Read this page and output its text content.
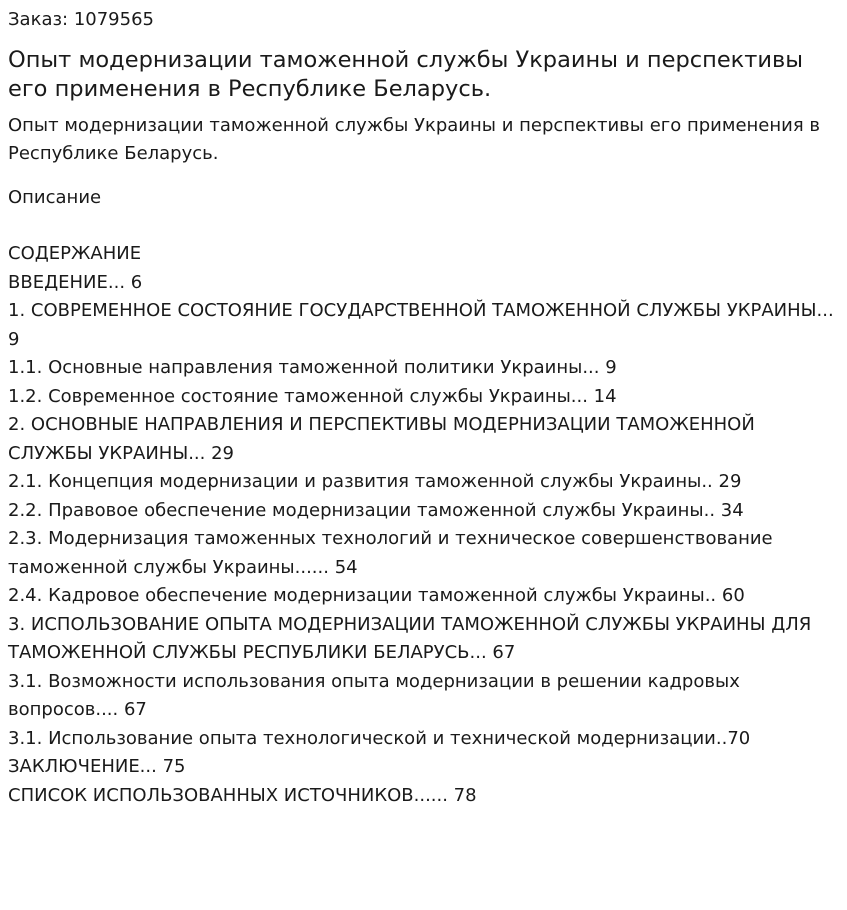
Заказ: 1079565

Опыт модернизации таможенной службы Украины и перспективы его применения в Республике Беларусь.

Опыт модернизации таможенной службы Украины и перспективы его применения в Республике Беларусь.

Описание

СОДЕРЖАНИЕ
ВВЕДЕНИЕ... 6
1. СОВРЕМЕННОЕ СОСТОЯНИЕ ГОСУДАРСТВЕННОЙ ТАМОЖЕННОЙ СЛУЖБЫ УКРАИНЫ... 9
1.1. Основные направления таможенной политики Украины... 9
1.2. Современное состояние таможенной службы Украины... 14
2. ОСНОВНЫЕ НАПРАВЛЕНИЯ И ПЕРСПЕКТИВЫ МОДЕРНИЗАЦИИ ТАМОЖЕННОЙ СЛУЖБЫ УКРАИНЫ... 29
2.1. Концепция модернизации и развития таможенной службы Украины.. 29
2.2. Правовое обеспечение модернизации таможенной службы Украины.. 34
2.3. Модернизация таможенных технологий и техническое совершенствование таможенной службы Украины...... 54
2.4. Кадровое обеспечение модернизации таможенной службы Украины.. 60
3. ИСПОЛЬЗОВАНИЕ ОПЫТА МОДЕРНИЗАЦИИ ТАМОЖЕННОЙ СЛУЖБЫ УКРАИНЫ ДЛЯ ТАМОЖЕННОЙ СЛУЖБЫ РЕСПУБЛИКИ БЕЛАРУСЬ... 67
3.1. Возможности использования опыта модернизации в решении кадровых вопросов.... 67
3.1. Использование опыта технологической и технической модернизации..70
ЗАКЛЮЧЕНИЕ... 75
СПИСОК ИСПОЛЬЗОВАННЫХ ИСТОЧНИКОВ...... 78
